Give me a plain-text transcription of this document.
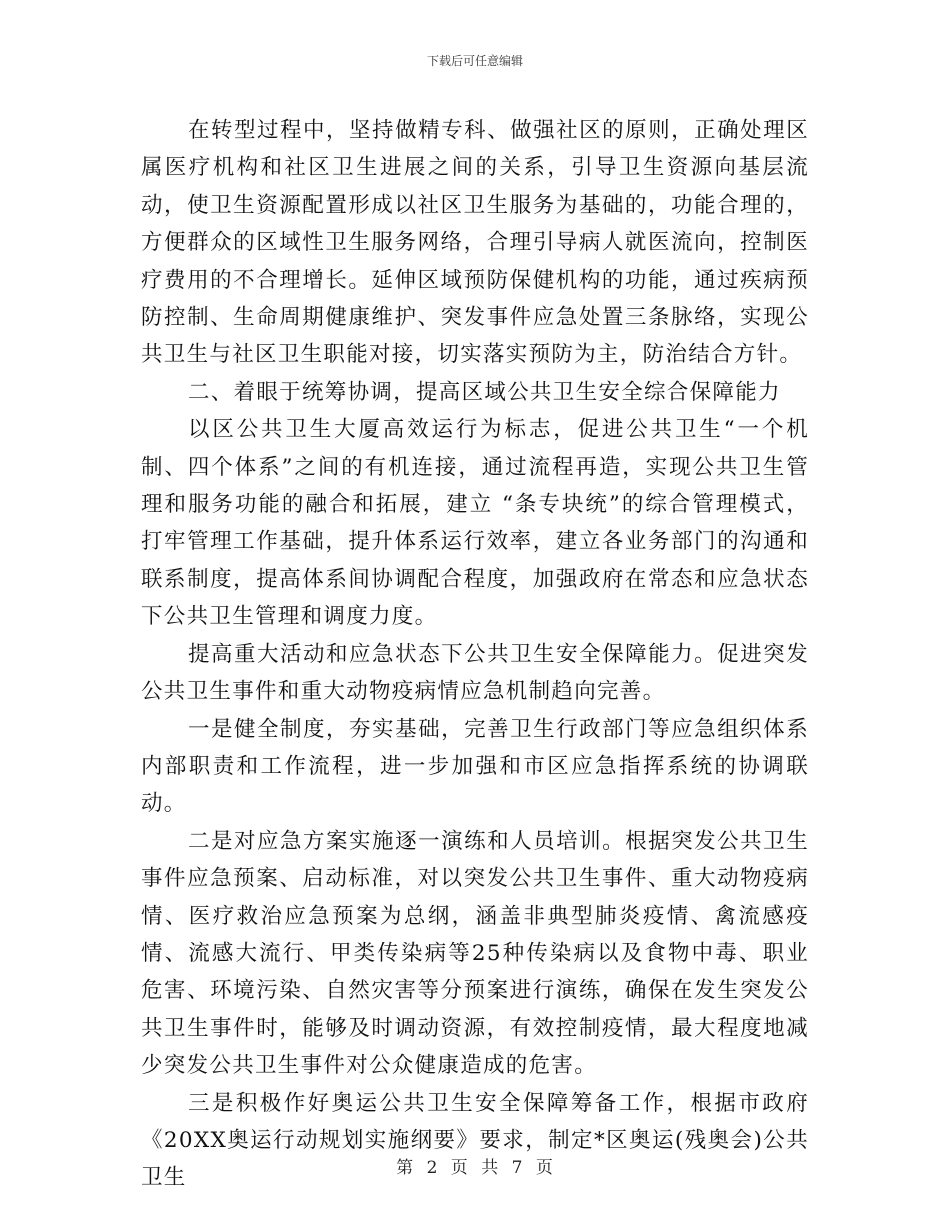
下载后可任意编辑

在转型过程中，坚持做精专科、做强社区的原则，正确处理区属医疗机构和社区卫生进展之间的关系，引导卫生资源向基层流动，使卫生资源配置形成以社区卫生服务为基础的，功能合理的，方便群众的区域性卫生服务网络，合理引导病人就医流向，控制医疗费用的不合理增长。延伸区域预防保健机构的功能，通过疾病预防控制、生命周期健康维护、突发事件应急处置三条脉络，实现公共卫生与社区卫生职能对接，切实落实预防为主，防治结合方针。

二、着眼于统筹协调，提高区域公共卫生安全综合保障能力

以区公共卫生大厦高效运行为标志，促进公共卫生“一个机制、四个体系”之间的有机连接，通过流程再造，实现公共卫生管理和服务功能的融合和拓展，建立 “条专块统”的综合管理模式，打牢管理工作基础，提升体系运行效率，建立各业务部门的沟通和联系制度，提高体系间协调配合程度，加强政府在常态和应急状态下公共卫生管理和调度力度。

提高重大活动和应急状态下公共卫生安全保障能力。促进突发公共卫生事件和重大动物疫病情应急机制趋向完善。

一是健全制度，夯实基础，完善卫生行政部门等应急组织体系内部职责和工作流程，进一步加强和市区应急指挥系统的协调联动。

二是对应急方案实施逐一演练和人员培训。根据突发公共卫生事件应急预案、启动标准，对以突发公共卫生事件、重大动物疫病情、医疗救治应急预案为总纲，涵盖非典型肺炎疫情、禽流感疫情、流感大流行、甲类传染病等25种传染病以及食物中毒、职业危害、环境污染、自然灾害等分预案进行演练，确保在发生突发公共卫生事件时，能够及时调动资源，有效控制疫情，最大程度地减少突发公共卫生事件对公众健康造成的危害。

三是积极作好奥运公共卫生安全保障筹备工作，根据市政府《20XX奥运行动规划实施纲要》要求，制定*区奥运(残奥会)公共卫生	第 2 页 共 7 页
